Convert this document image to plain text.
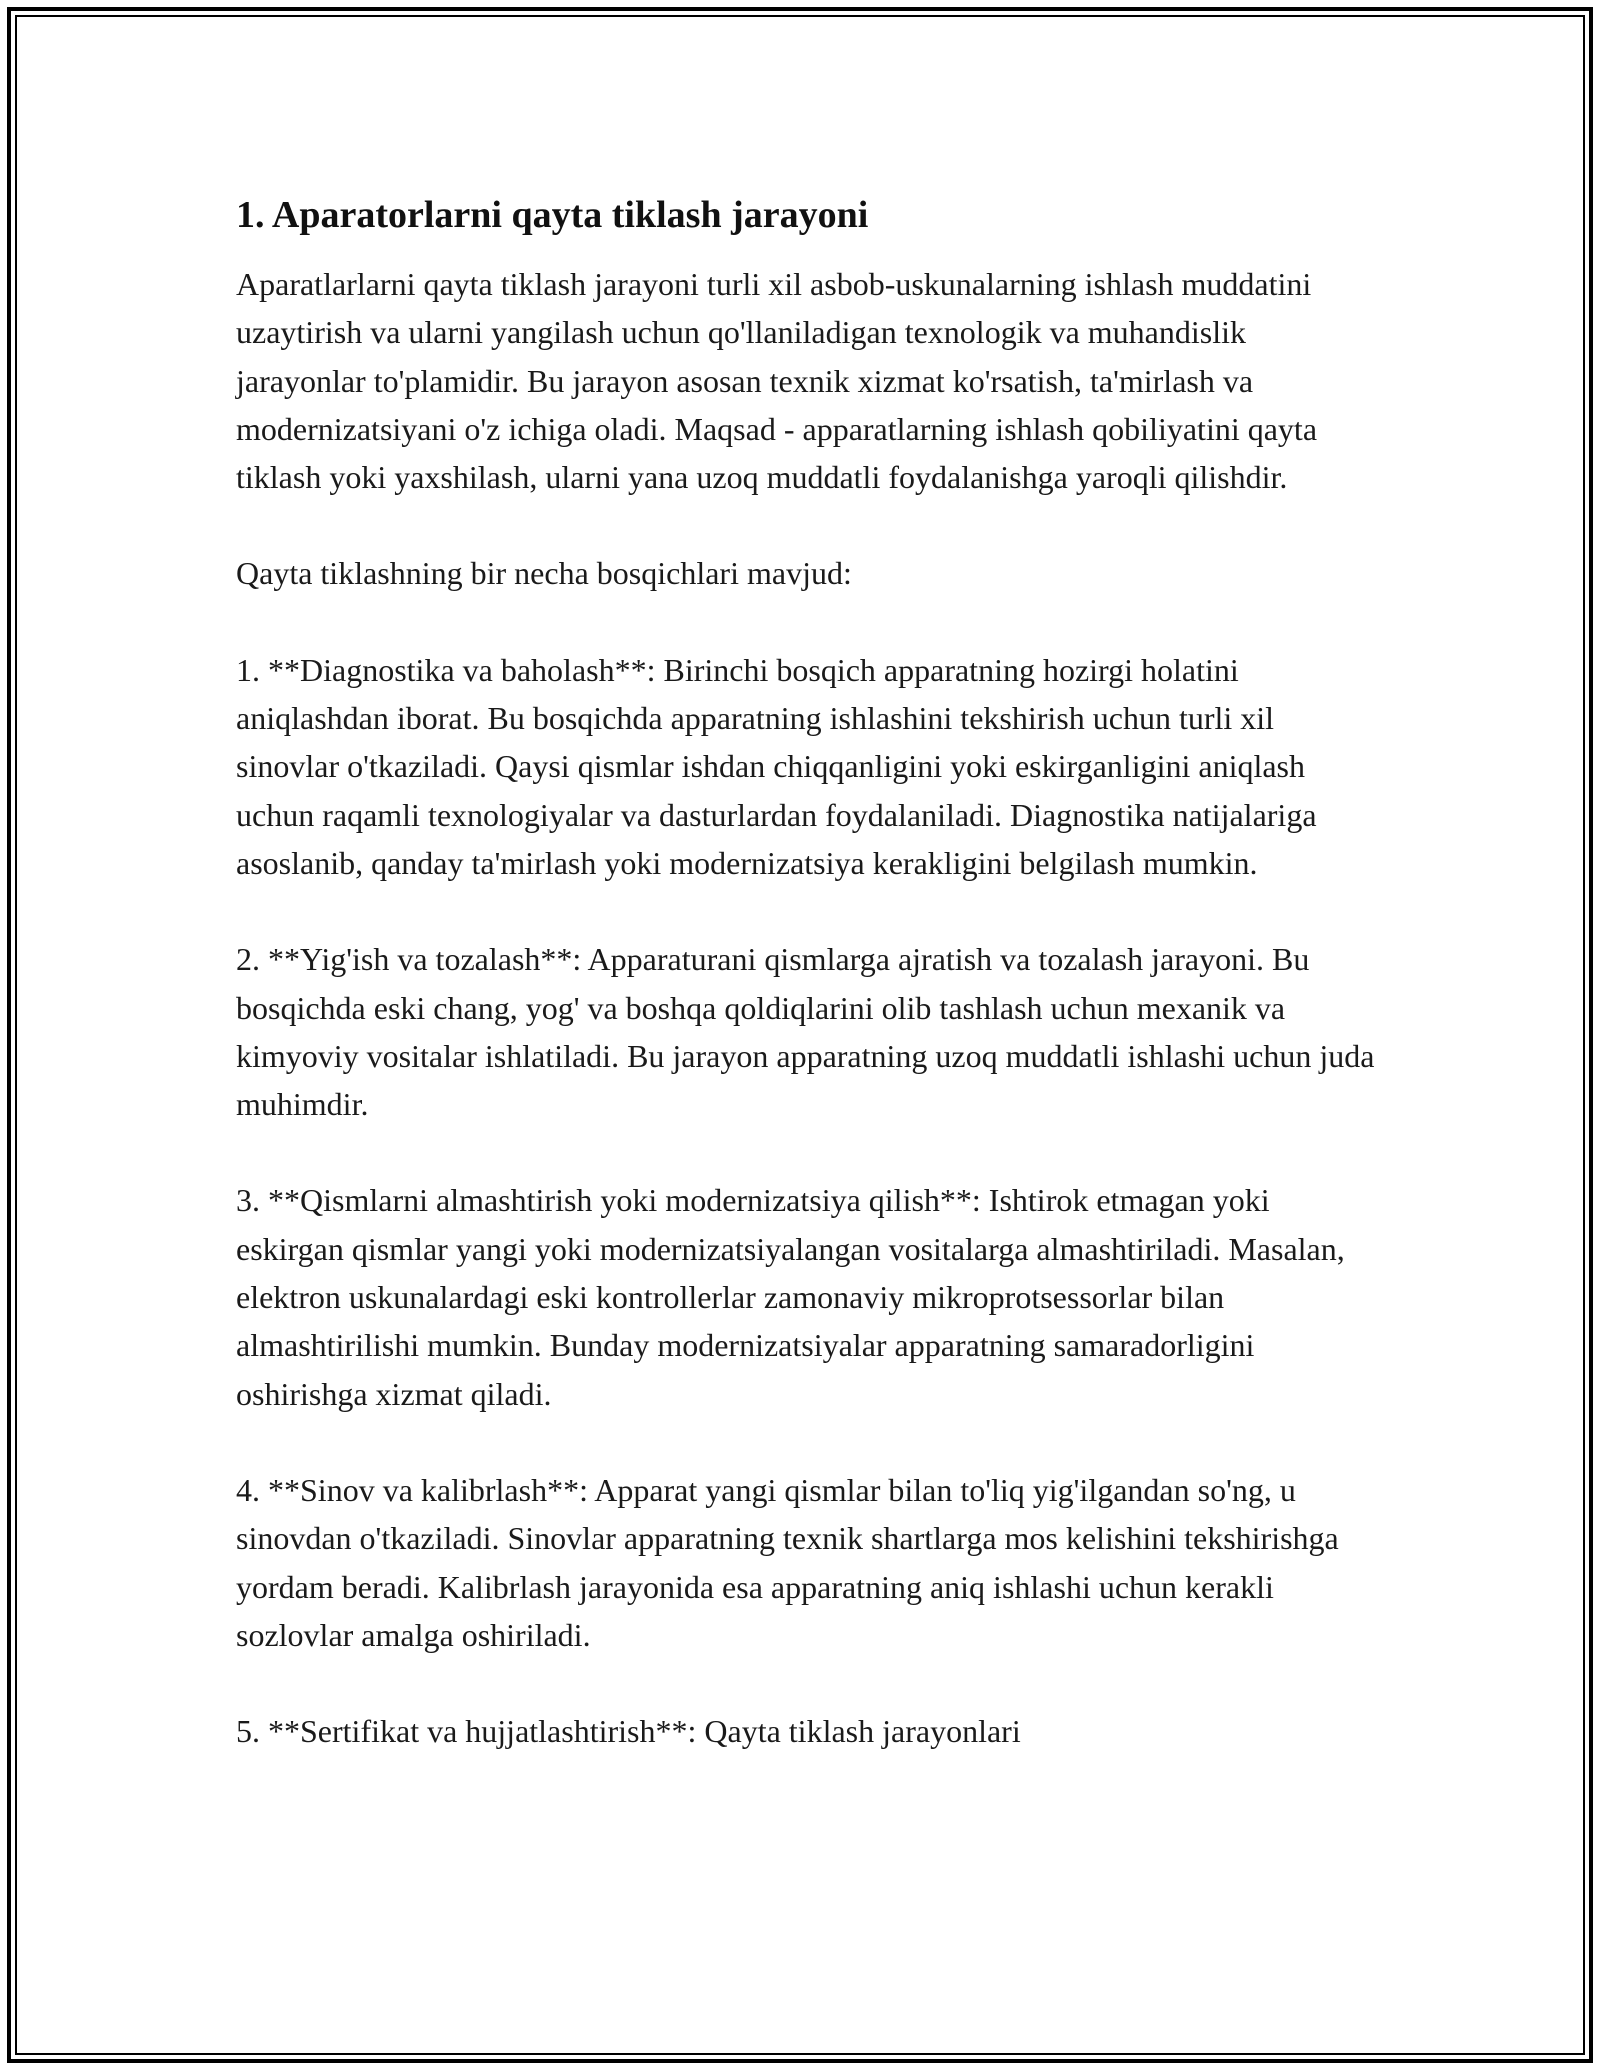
1. Aparatorlarni qayta tiklash jarayoni

Aparatlarlarni qayta tiklash jarayoni turli xil asbob-uskunalarning ishlash muddatini uzaytirish va ularni yangilash uchun qo'llaniladigan texnologik va muhandislik jarayonlar to'plamidir. Bu jarayon asosan texnik xizmat ko'rsatish, ta'mirlash va modernizatsiyani o'z ichiga oladi. Maqsad - apparatlarning ishlash qobiliyatini qayta tiklash yoki yaxshilash, ularni yana uzoq muddatli foydalanishga yaroqli qilishdir.

Qayta tiklashning bir necha bosqichlari mavjud:

1. **Diagnostika va baholash**: Birinchi bosqich apparatning hozirgi holatini aniqlashdan iborat. Bu bosqichda apparatning ishlashini tekshirish uchun turli xil sinovlar o'tkaziladi. Qaysi qismlar ishdan chiqqanligini yoki eskirganligini aniqlash uchun raqamli texnologiyalar va dasturlardan foydalaniladi. Diagnostika natijalariga asoslanib, qanday ta'mirlash yoki modernizatsiya kerakligini belgilash mumkin.

2. **Yig'ish va tozalash**: Apparaturani qismlarga ajratish va tozalash jarayoni. Bu bosqichda eski chang, yog' va boshqa qoldiqlarini olib tashlash uchun mexanik va kimyoviy vositalar ishlatiladi. Bu jarayon apparatning uzoq muddatli ishlashi uchun juda muhimdir.

3. **Qismlarni almashtirish yoki modernizatsiya qilish**: Ishtirok etmagan yoki eskirgan qismlar yangi yoki modernizatsiyalangan vositalarga almashtiriladi. Masalan, elektron uskunalardagi eski kontrollerlar zamonaviy mikroprotsessorlar bilan almashtirilishi mumkin. Bunday modernizatsiyalar apparatning samaradorligini oshirishga xizmat qiladi.

4. **Sinov va kalibrlash**: Apparat yangi qismlar bilan to'liq yig'ilgandan so'ng, u sinovdan o'tkaziladi. Sinovlar apparatning texnik shartlarga mos kelishini tekshirishga yordam beradi. Kalibrlash jarayonida esa apparatning aniq ishlashi uchun kerakli sozlovlar amalga oshiriladi.

5. **Sertifikat va hujjatlashtirish**: Qayta tiklash jarayonlari
